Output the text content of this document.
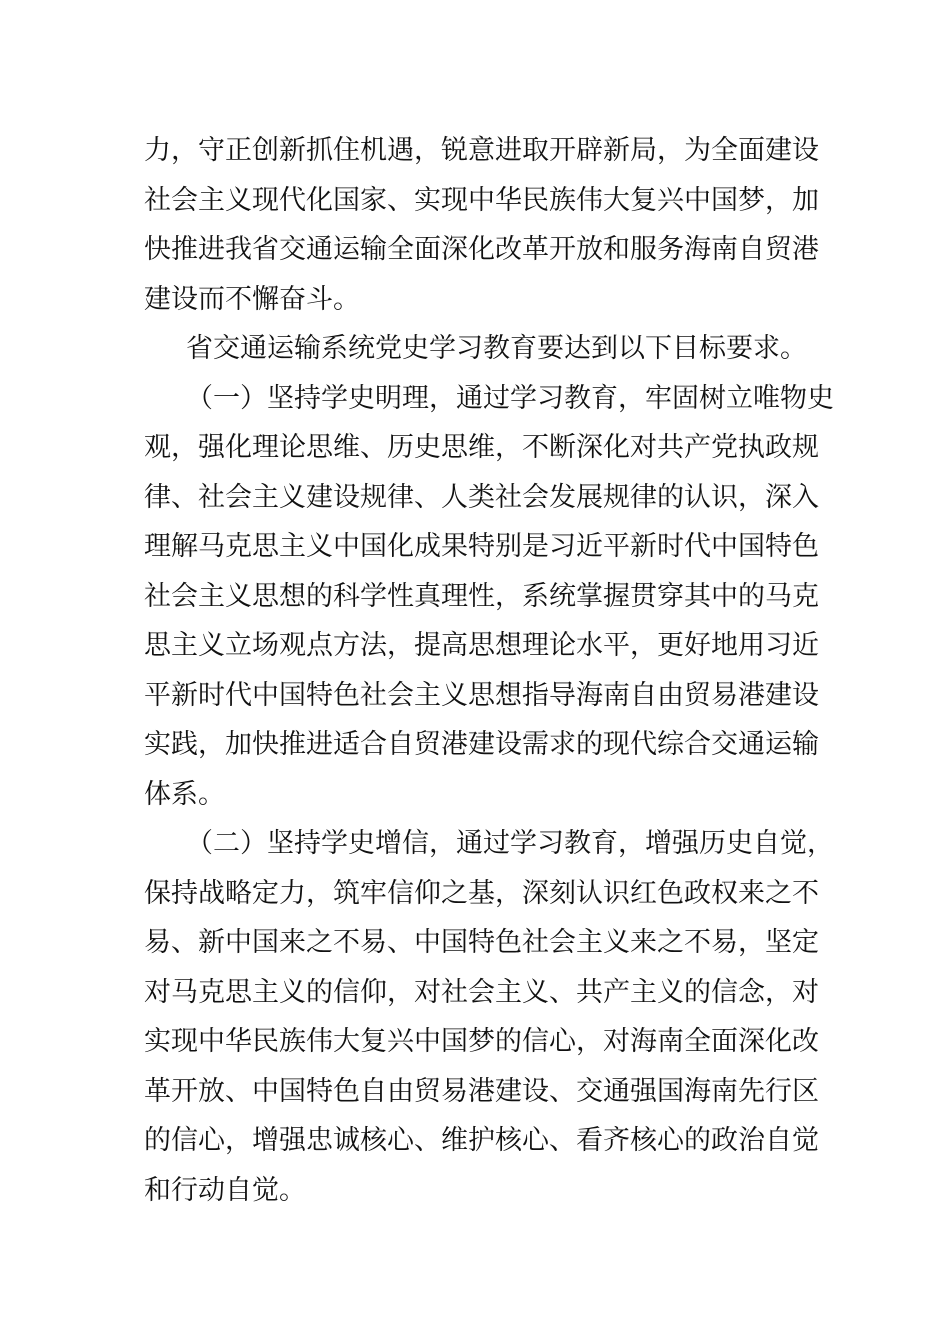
力，守正创新抓住机遇，锐意进取开辟新局，为全面建设
社会主义现代化国家、实现中华民族伟大复兴中国梦，加
快推进我省交通运输全面深化改革开放和服务海南自贸港
建设而不懈奋斗。
省交通运输系统党史学习教育要达到以下目标要求。
（一）坚持学史明理，通过学习教育，牢固树立唯物史
观，强化理论思维、历史思维，不断深化对共产党执政规
律、社会主义建设规律、人类社会发展规律的认识，深入
理解马克思主义中国化成果特别是习近平新时代中国特色
社会主义思想的科学性真理性，系统掌握贯穿其中的马克
思主义立场观点方法，提高思想理论水平，更好地用习近
平新时代中国特色社会主义思想指导海南自由贸易港建设
实践，加快推进适合自贸港建设需求的现代综合交通运输
体系。
（二）坚持学史增信，通过学习教育，增强历史自觉，
保持战略定力，筑牢信仰之基，深刻认识红色政权来之不
易、新中国来之不易、中国特色社会主义来之不易，坚定
对马克思主义的信仰，对社会主义、共产主义的信念，对
实现中华民族伟大复兴中国梦的信心，对海南全面深化改
革开放、中国特色自由贸易港建设、交通强国海南先行区
的信心，增强忠诚核心、维护核心、看齐核心的政治自觉
和行动自觉。
